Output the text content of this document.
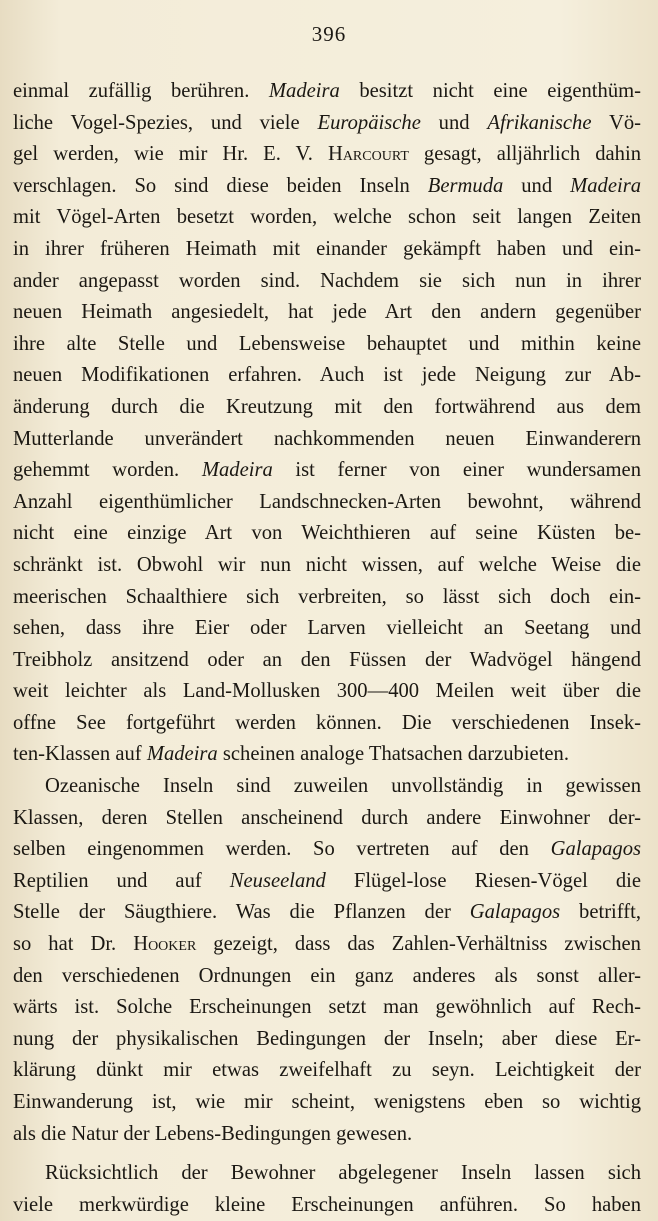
396
einmal zufällig berühren. Madeira besitzt nicht eine eigenthüm-
liche Vogel-Spezies, und viele Europäische und Afrikanische Vö-
gel werden, wie mir Hr. E. V. Harcourt gesagt, alljährlich dahin
verschlagen. So sind diese beiden Inseln Bermuda und Madeira
mit Vögel-Arten besetzt worden, welche schon seit langen Zeiten
in ihrer früheren Heimath mit einander gekämpft haben und ein-
ander angepasst worden sind. Nachdem sie sich nun in ihrer
neuen Heimath angesiedelt, hat jede Art den andern gegenüber
ihre alte Stelle und Lebensweise behauptet und mithin keine
neuen Modifikationen erfahren. Auch ist jede Neigung zur Ab-
änderung durch die Kreutzung mit den fortwährend aus dem
Mutterlande unverändert nachkommenden neuen Einwanderern
gehemmt worden. Madeira ist ferner von einer wundersamen
Anzahl eigenthümlicher Landschnecken-Arten bewohnt, während
nicht eine einzige Art von Weichthieren auf seine Küsten be-
schränkt ist. Obwohl wir nun nicht wissen, auf welche Weise die
meerischen Schaalthiere sich verbreiten, so lässt sich doch ein-
sehen, dass ihre Eier oder Larven vielleicht an Seetang und
Treibholz ansitzend oder an den Füssen der Wadvögel hängend
weit leichter als Land-Mollusken 300—400 Meilen weit über die
offne See fortgeführt werden können. Die verschiedenen Insek-
ten-Klassen auf Madeira scheinen analoge Thatsachen darzubieten.
Ozeanische Inseln sind zuweilen unvollständig in gewissen
Klassen, deren Stellen anscheinend durch andere Einwohner der-
selben eingenommen werden. So vertreten auf den Galapagos
Reptilien und auf Neuseeland Flügel-lose Riesen-Vögel die
Stelle der Säugthiere. Was die Pflanzen der Galapagos betrifft,
so hat Dr. Hooker gezeigt, dass das Zahlen-Verhältniss zwischen
den verschiedenen Ordnungen ein ganz anderes als sonst aller-
wärts ist. Solche Erscheinungen setzt man gewöhnlich auf Rech-
nung der physikalischen Bedingungen der Inseln; aber diese Er-
klärung dünkt mir etwas zweifelhaft zu seyn. Leichtigkeit der
Einwanderung ist, wie mir scheint, wenigstens eben so wichtig
als die Natur der Lebens-Bedingungen gewesen.
Rücksichtlich der Bewohner abgelegener Inseln lassen sich
viele merkwürdige kleine Erscheinungen anführen. So haben
